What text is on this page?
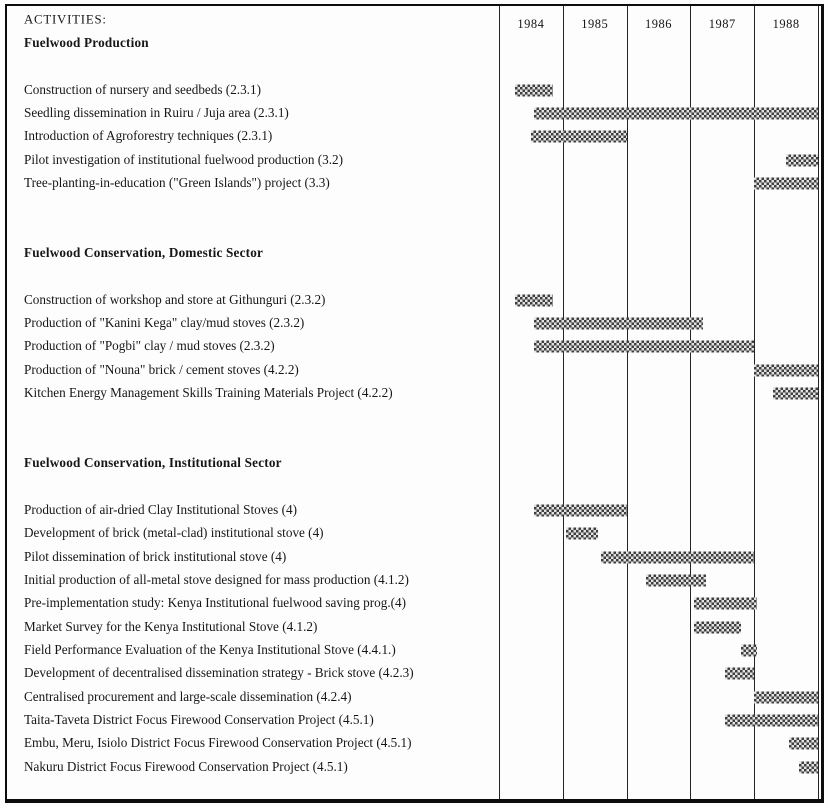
1984	1985	1986	1987	1988
ACTIVITIES:
Fuelwood Production
Construction of nursery and seedbeds (2.3.1)
Seedling dissemination in Ruiru / Juja area (2.3.1)
Introduction of Agroforestry techniques (2.3.1)
Pilot investigation of institutional fuelwood production (3.2)
Tree-planting-in-education ("Green Islands") project (3.3)
Fuelwood Conservation, Domestic Sector
Construction of workshop and store at Githunguri (2.3.2)
Production of "Kanini Kega" clay/mud stoves (2.3.2)
Production of "Pogbi" clay / mud stoves (2.3.2)
Production of "Nouna" brick / cement stoves (4.2.2)
Kitchen Energy Management Skills Training Materials Project (4.2.2)
Fuelwood Conservation, Institutional Sector
Production of air-dried Clay Institutional Stoves (4)
Development of brick (metal-clad) institutional stove (4)
Pilot dissemination of brick institutional stove (4)
Initial production of all-metal stove designed for mass production (4.1.2)
Pre-implementation study: Kenya Institutional fuelwood saving prog.(4)
Market Survey for the Kenya Institutional Stove (4.1.2)
Field Performance Evaluation of the Kenya Institutional Stove (4.4.1.)
Development of decentralised dissemination strategy - Brick stove (4.2.3)
Centralised procurement and large-scale dissemination (4.2.4)
Taita-Taveta District Focus Firewood Conservation Project (4.5.1)
Embu, Meru, Isiolo District Focus Firewood Conservation Project (4.5.1)
Nakuru District Focus Firewood Conservation Project (4.5.1)
